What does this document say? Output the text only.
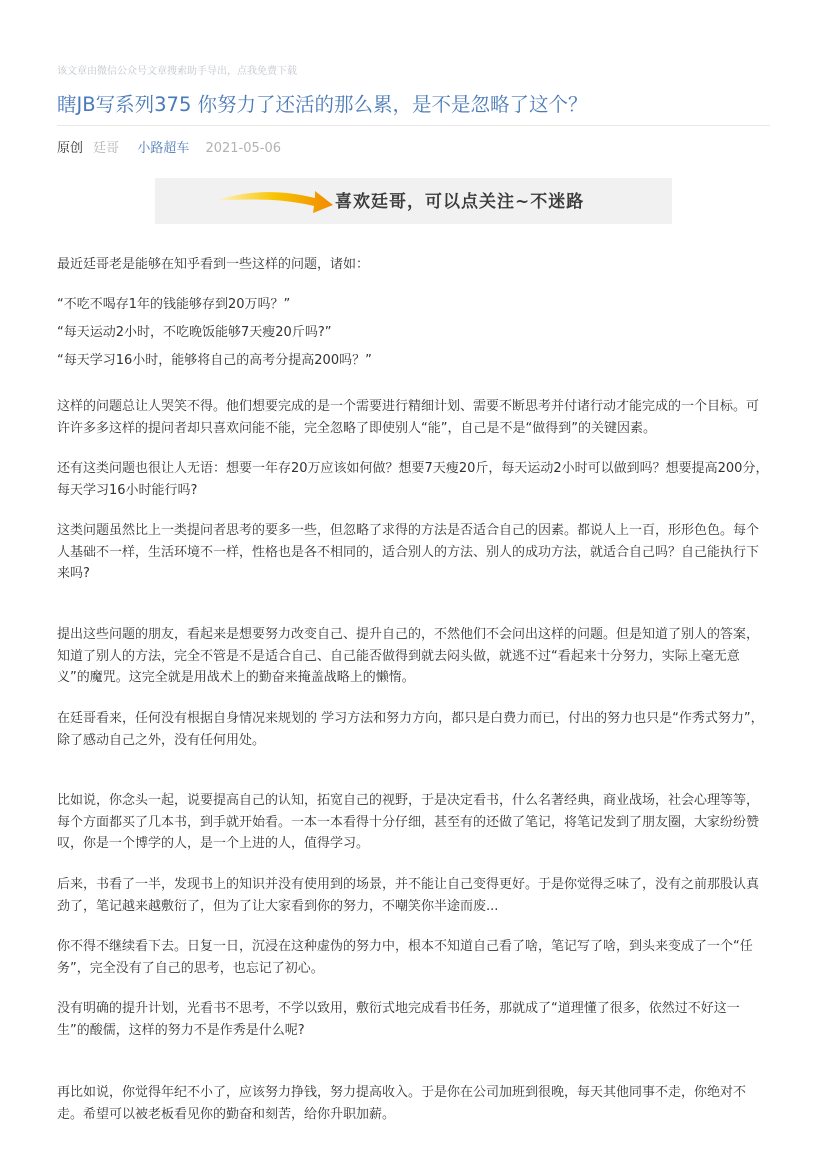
该文章由微信公众号文章搜索助手导出，点我免费下载
瞎JB写系列375 你努力了还活的那么累，是不是忽略了这个？
原创 廷哥 小路超车 2021-05-06
喜欢廷哥，可以点关注~不迷路

最近廷哥老是能够在知乎看到一些这样的问题，诸如：

“不吃不喝存1年的钱能够存到20万吗？”

“每天运动2小时，不吃晚饭能够7天瘦20斤吗?”

“每天学习16小时，能够将自己的高考分提高200吗？”

这样的问题总让人哭笑不得。他们想要完成的是一个需要进行精细计划、需要不断思考并付诸行动才能完成的一个目标。可许许多多这样的提问者却只喜欢问能不能，完全忽略了即使别人“能”，自己是不是“做得到”的关键因素。

还有这类问题也很让人无语：想要一年存20万应该如何做？想要7天瘦20斤，每天运动2小时可以做到吗？想要提高200分，每天学习16小时能行吗?

这类问题虽然比上一类提问者思考的要多一些，但忽略了求得的方法是否适合自己的因素。都说人上一百，形形色色。每个人基础不一样，生活环境不一样，性格也是各不相同的，适合别人的方法、别人的成功方法，就适合自己吗？自己能执行下来吗?

提出这些问题的朋友，看起来是想要努力改变自己、提升自己的，不然他们不会问出这样的问题。但是知道了别人的答案，知道了别人的方法，完全不管是不是适合自己、自己能否做得到就去闷头做，就逃不过“看起来十分努力，实际上毫无意义”的魔咒。这完全就是用战术上的勤奋来掩盖战略上的懒惰。

在廷哥看来，任何没有根据自身情况来规划的 学习方法和努力方向，都只是白费力而已，付出的努力也只是“作秀式努力”，除了感动自己之外，没有任何用处。

比如说，你念头一起，说要提高自己的认知，拓宽自己的视野，于是决定看书，什么名著经典，商业战场，社会心理等等，每个方面都买了几本书，到手就开始看。一本一本看得十分仔细，甚至有的还做了笔记，将笔记发到了朋友圈，大家纷纷赞叹，你是一个博学的人，是一个上进的人，值得学习。

后来，书看了一半，发现书上的知识并没有使用到的场景，并不能让自己变得更好。于是你觉得乏味了，没有之前那股认真劲了，笔记越来越敷衍了，但为了让大家看到你的努力，不嘲笑你半途而废...

你不得不继续看下去。日复一日，沉浸在这种虚伪的努力中，根本不知道自己看了啥，笔记写了啥，到头来变成了一个“任务”，完全没有了自己的思考，也忘记了初心。

没有明确的提升计划，光看书不思考，不学以致用，敷衍式地完成看书任务，那就成了“道理懂了很多，依然过不好这一生”的酸儒，这样的努力不是作秀是什么呢?

再比如说，你觉得年纪不小了，应该努力挣钱，努力提高收入。于是你在公司加班到很晚，每天其他同事不走，你绝对不走。希望可以被老板看见你的勤奋和刻苦，给你升职加薪。
